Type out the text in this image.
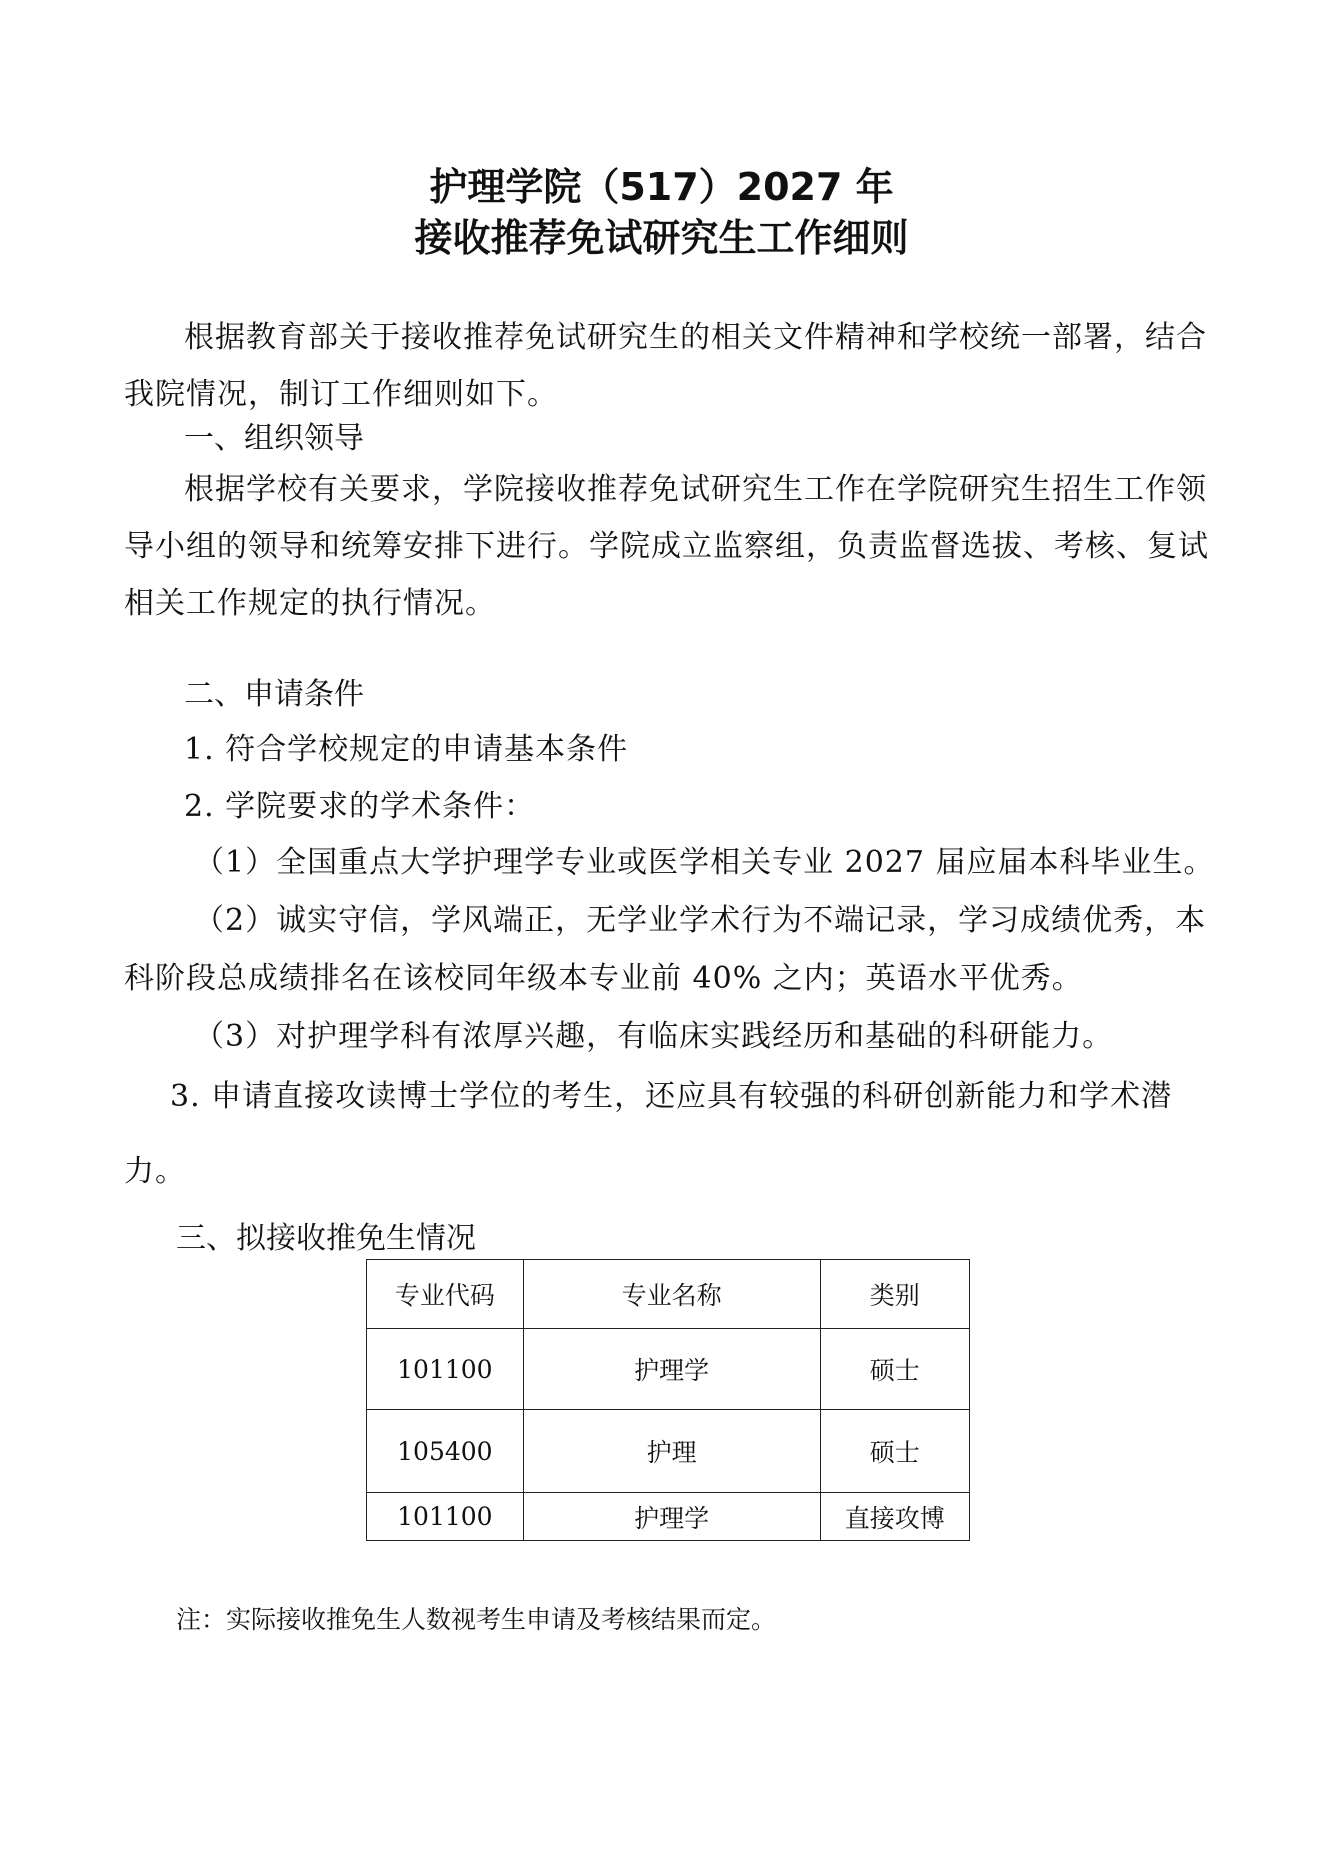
护理学院（517）2027 年
接收推荐免试研究生工作细则
根据教育部关于接收推荐免试研究生的相关文件精神和学校统一部署，结合
我院情况，制订工作细则如下。
一、组织领导
根据学校有关要求，学院接收推荐免试研究生工作在学院研究生招生工作领
导小组的领导和统筹安排下进行。学院成立监察组，负责监督选拔、考核、复试
相关工作规定的执行情况。
二、申请条件
1. 符合学校规定的申请基本条件
2. 学院要求的学术条件：
（1）全国重点大学护理学专业或医学相关专业 2027 届应届本科毕业生。
（2）诚实守信，学风端正，无学业学术行为不端记录，学习成绩优秀，本
科阶段总成绩排名在该校同年级本专业前 40% 之内；英语水平优秀。
（3）对护理学科有浓厚兴趣，有临床实践经历和基础的科研能力。
3. 申请直接攻读博士学位的考生，还应具有较强的科研创新能力和学术潜
力。
三、拟接收推免生情况
专业代码	专业名称	类别
101100	护理学	硕士
105400	护理	硕士
101100	护理学	直接攻博
注：实际接收推免生人数视考生申请及考核结果而定。
